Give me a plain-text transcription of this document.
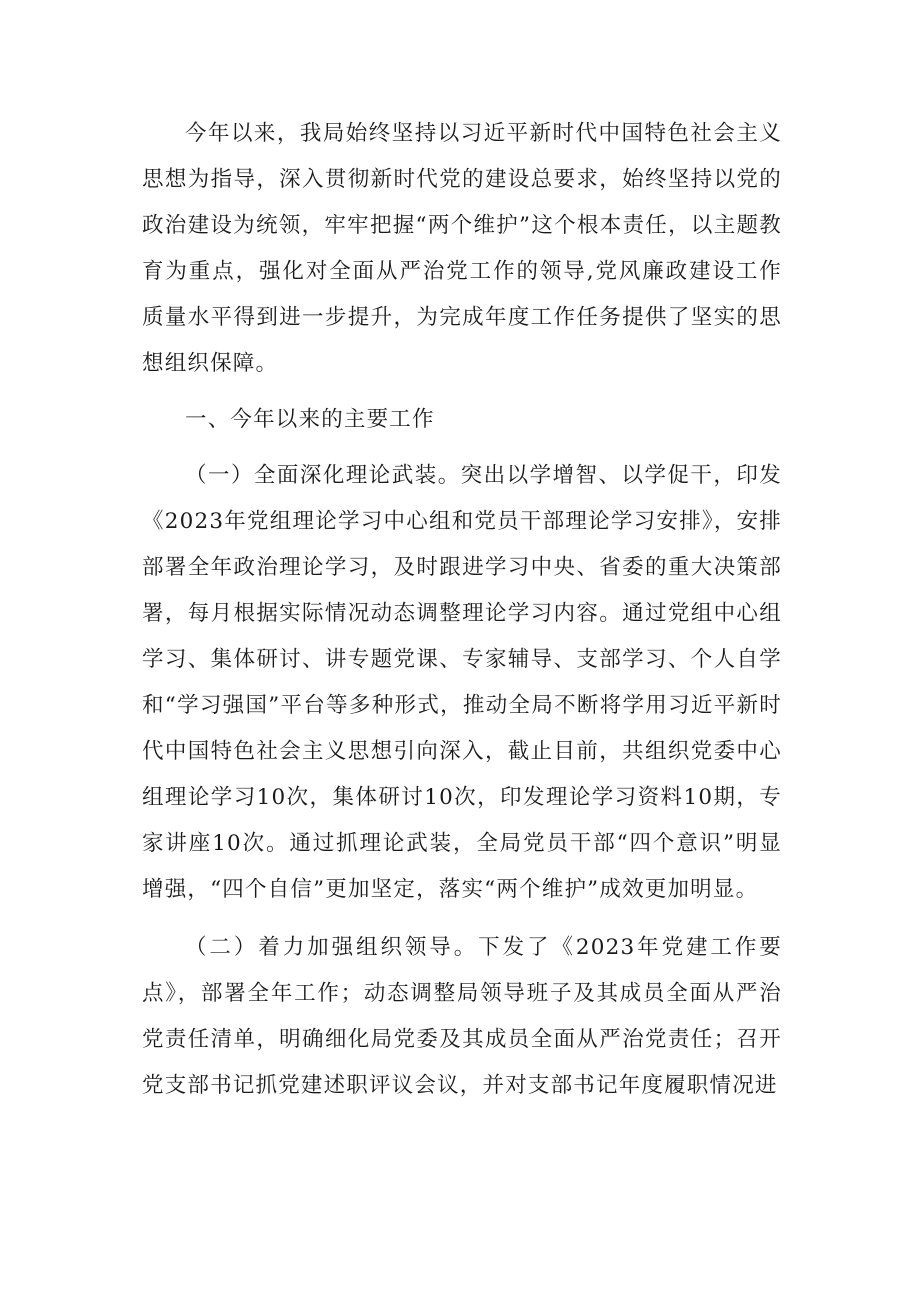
今年以来，我局始终坚持以习近平新时代中国特色社会主义思想为指导，深入贯彻新时代党的建设总要求，始终坚持以党的政治建设为统领，牢牢把握“两个维护”这个根本责任，以主题教育为重点，强化对全面从严治党工作的领导,党风廉政建设工作质量水平得到进一步提升，为完成年度工作任务提供了坚实的思想组织保障。

一、今年以来的主要工作

（一）全面深化理论武装。突出以学增智、以学促干，印发《2023年党组理论学习中心组和党员干部理论学习安排》，安排部署全年政治理论学习，及时跟进学习中央、省委的重大决策部署，每月根据实际情况动态调整理论学习内容。通过党组中心组学习、集体研讨、讲专题党课、专家辅导、支部学习、个人自学和“学习强国”平台等多种形式，推动全局不断将学用习近平新时代中国特色社会主义思想引向深入，截止目前，共组织党委中心组理论学习10次，集体研讨10次，印发理论学习资料10期，专家讲座10次。通过抓理论武装，全局党员干部“四个意识”明显增强，“四个自信”更加坚定，落实“两个维护”成效更加明显。

（二）着力加强组织领导。下发了《2023年党建工作要点》，部署全年工作；动态调整局领导班子及其成员全面从严治党责任清单，明确细化局党委及其成员全面从严治党责任；召开党支部书记抓党建述职评议会议，并对支部书记年度履职情况进
